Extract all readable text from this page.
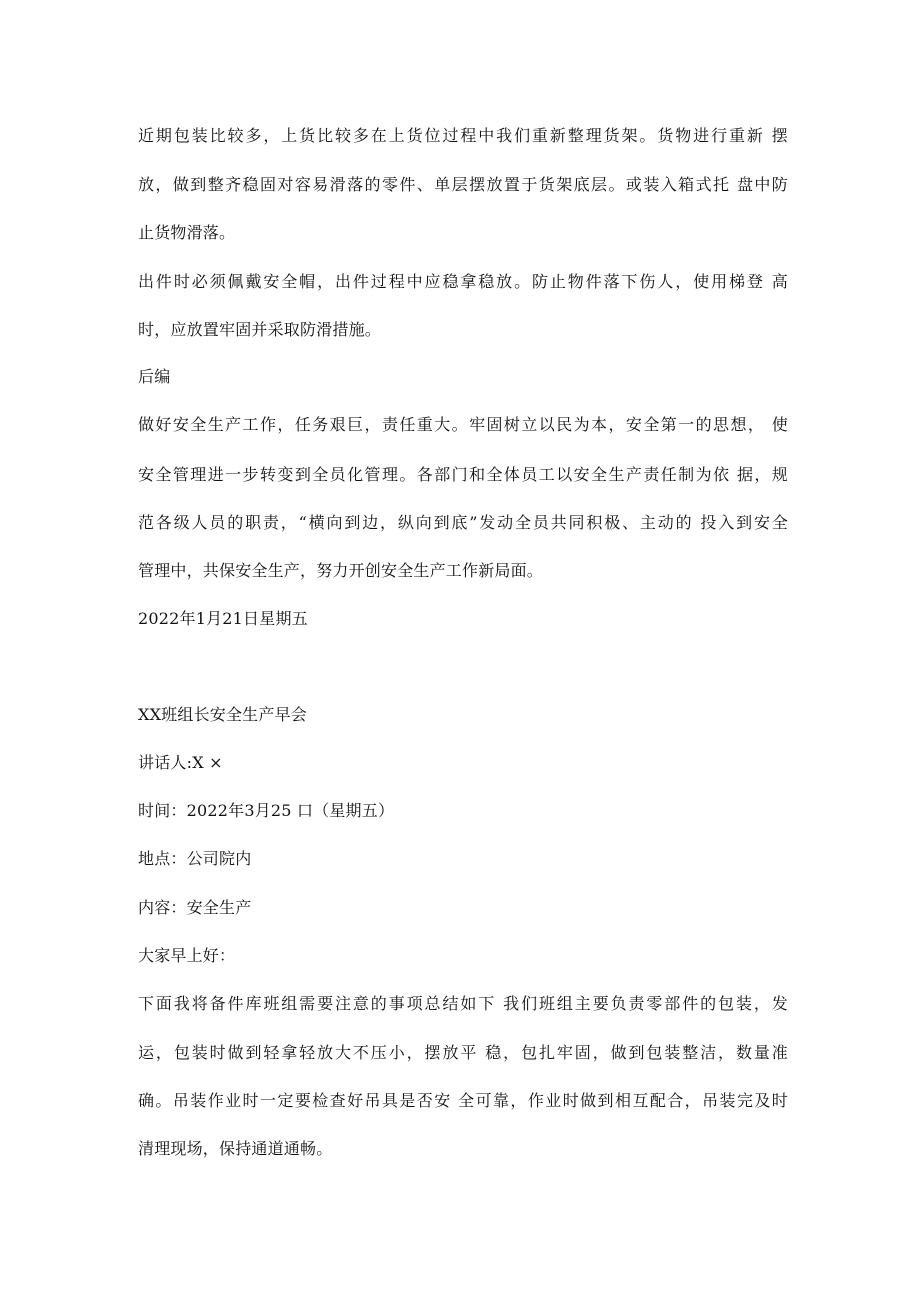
近期包装比较多，上货比较多在上货位过程中我们重新整理货架。货物进行重新 摆
放，做到整齐稳固对容易滑落的零件、单层摆放置于货架底层。或装入箱式托 盘中防
止货物滑落。
出件时必须佩戴安全帽，出件过程中应稳拿稳放。防止物件落下伤人，使用梯登 高
时，应放置牢固并采取防滑措施。
后编
做好安全生产工作，任务艰巨，责任重大。牢固树立以民为本，安全第一的思想， 使
安全管理进一步转变到全员化管理。各部门和全体员工以安全生产责任制为依 据，规
范各级人员的职责，“横向到边，纵向到底”发动全员共同积极、主动的 投入到安全
管理中，共保安全生产，努力开创安全生产工作新局面。
2022年1月21日星期五
XX班组长安全生产早会
讲话人:X ×
时间：2022年3月25 口（星期五）
地点：公司院内
内容：安全生产
大家早上好：
下面我将备件库班组需要注意的事项总结如下 我们班组主要负责零部件的包装，发
运，包装时做到轻拿轻放大不压小，摆放平 稳，包扎牢固，做到包装整洁，数量准
确。吊装作业时一定要检查好吊具是否安 全可靠，作业时做到相互配合，吊装完及时
清理现场，保持通道通畅。
